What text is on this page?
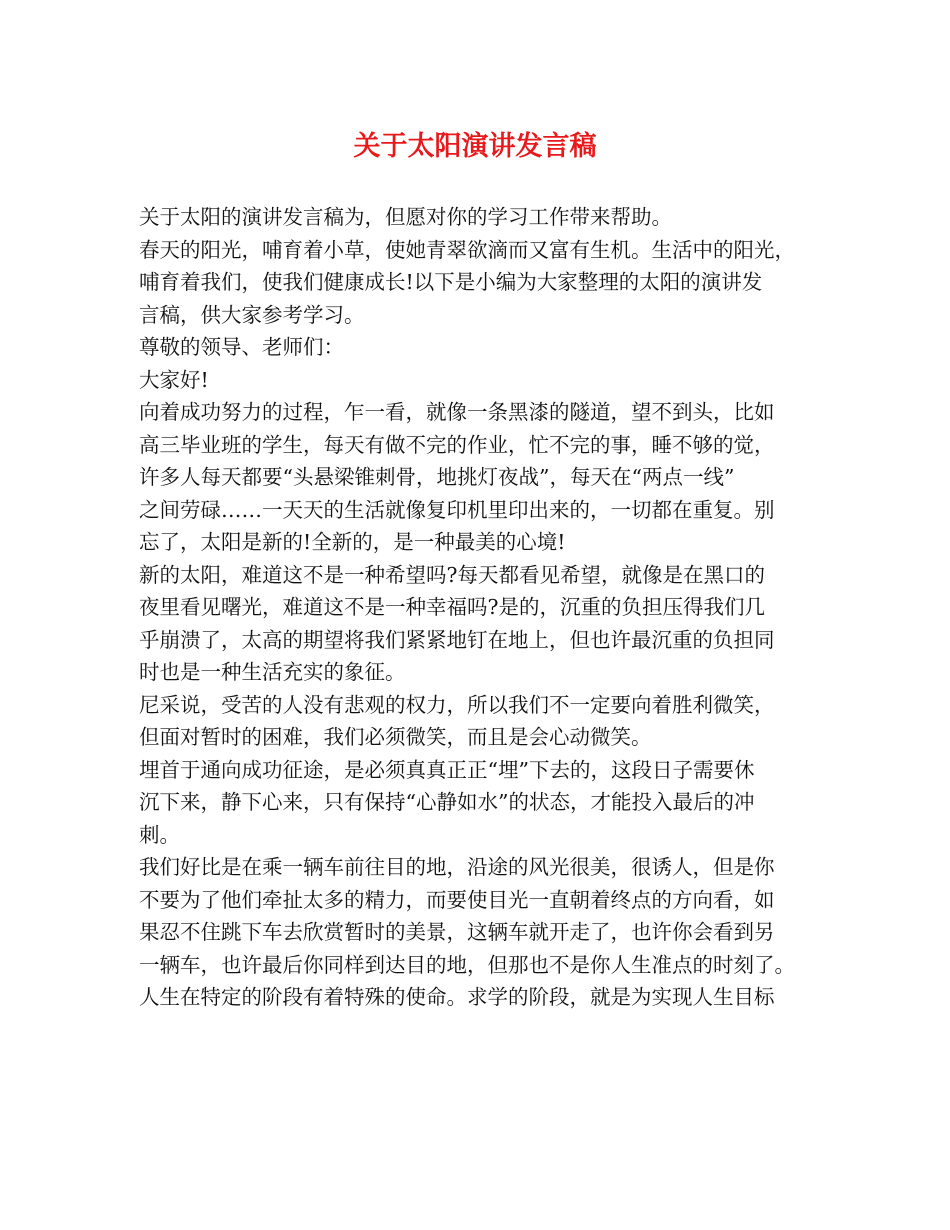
关于太阳演讲发言稿
关于太阳的演讲发言稿为，但愿对你的学习工作带来帮助。
春天的阳光，哺育着小草，使她青翠欲滴而又富有生机。生活中的阳光，
哺育着我们，使我们健康成长!以下是小编为大家整理的太阳的演讲发
言稿，供大家参考学习。
尊敬的领导、老师们：
大家好!
向着成功努力的过程，乍一看，就像一条黑漆的隧道，望不到头，比如
高三毕业班的学生，每天有做不完的作业，忙不完的事，睡不够的觉，
许多人每天都要“头悬梁锥刺骨，地挑灯夜战”，每天在“两点一线”
之间劳碌……一天天的生活就像复印机里印出来的，一切都在重复。别
忘了，太阳是新的!全新的，是一种最美的心境!
新的太阳，难道这不是一种希望吗?每天都看见希望，就像是在黑口的
夜里看见曙光，难道这不是一种幸福吗?是的，沉重的负担压得我们几
乎崩溃了，太高的期望将我们紧紧地钉在地上，但也许最沉重的负担同
时也是一种生活充实的象征。
尼采说，受苦的人没有悲观的权力，所以我们不一定要向着胜利微笑，
但面对暂时的困难，我们必须微笑，而且是会心动微笑。
埋首于通向成功征途，是必须真真正正“埋”下去的，这段日子需要休
沉下来，静下心来，只有保持“心静如水”的状态，才能投入最后的冲
刺。
我们好比是在乘一辆车前往目的地，沿途的风光很美，很诱人，但是你
不要为了他们牵扯太多的精力，而要使目光一直朝着终点的方向看，如
果忍不住跳下车去欣赏暂时的美景，这辆车就开走了，也许你会看到另
一辆车，也许最后你同样到达目的地，但那也不是你人生准点的时刻了。
人生在特定的阶段有着特殊的使命。求学的阶段，就是为实现人生目标
